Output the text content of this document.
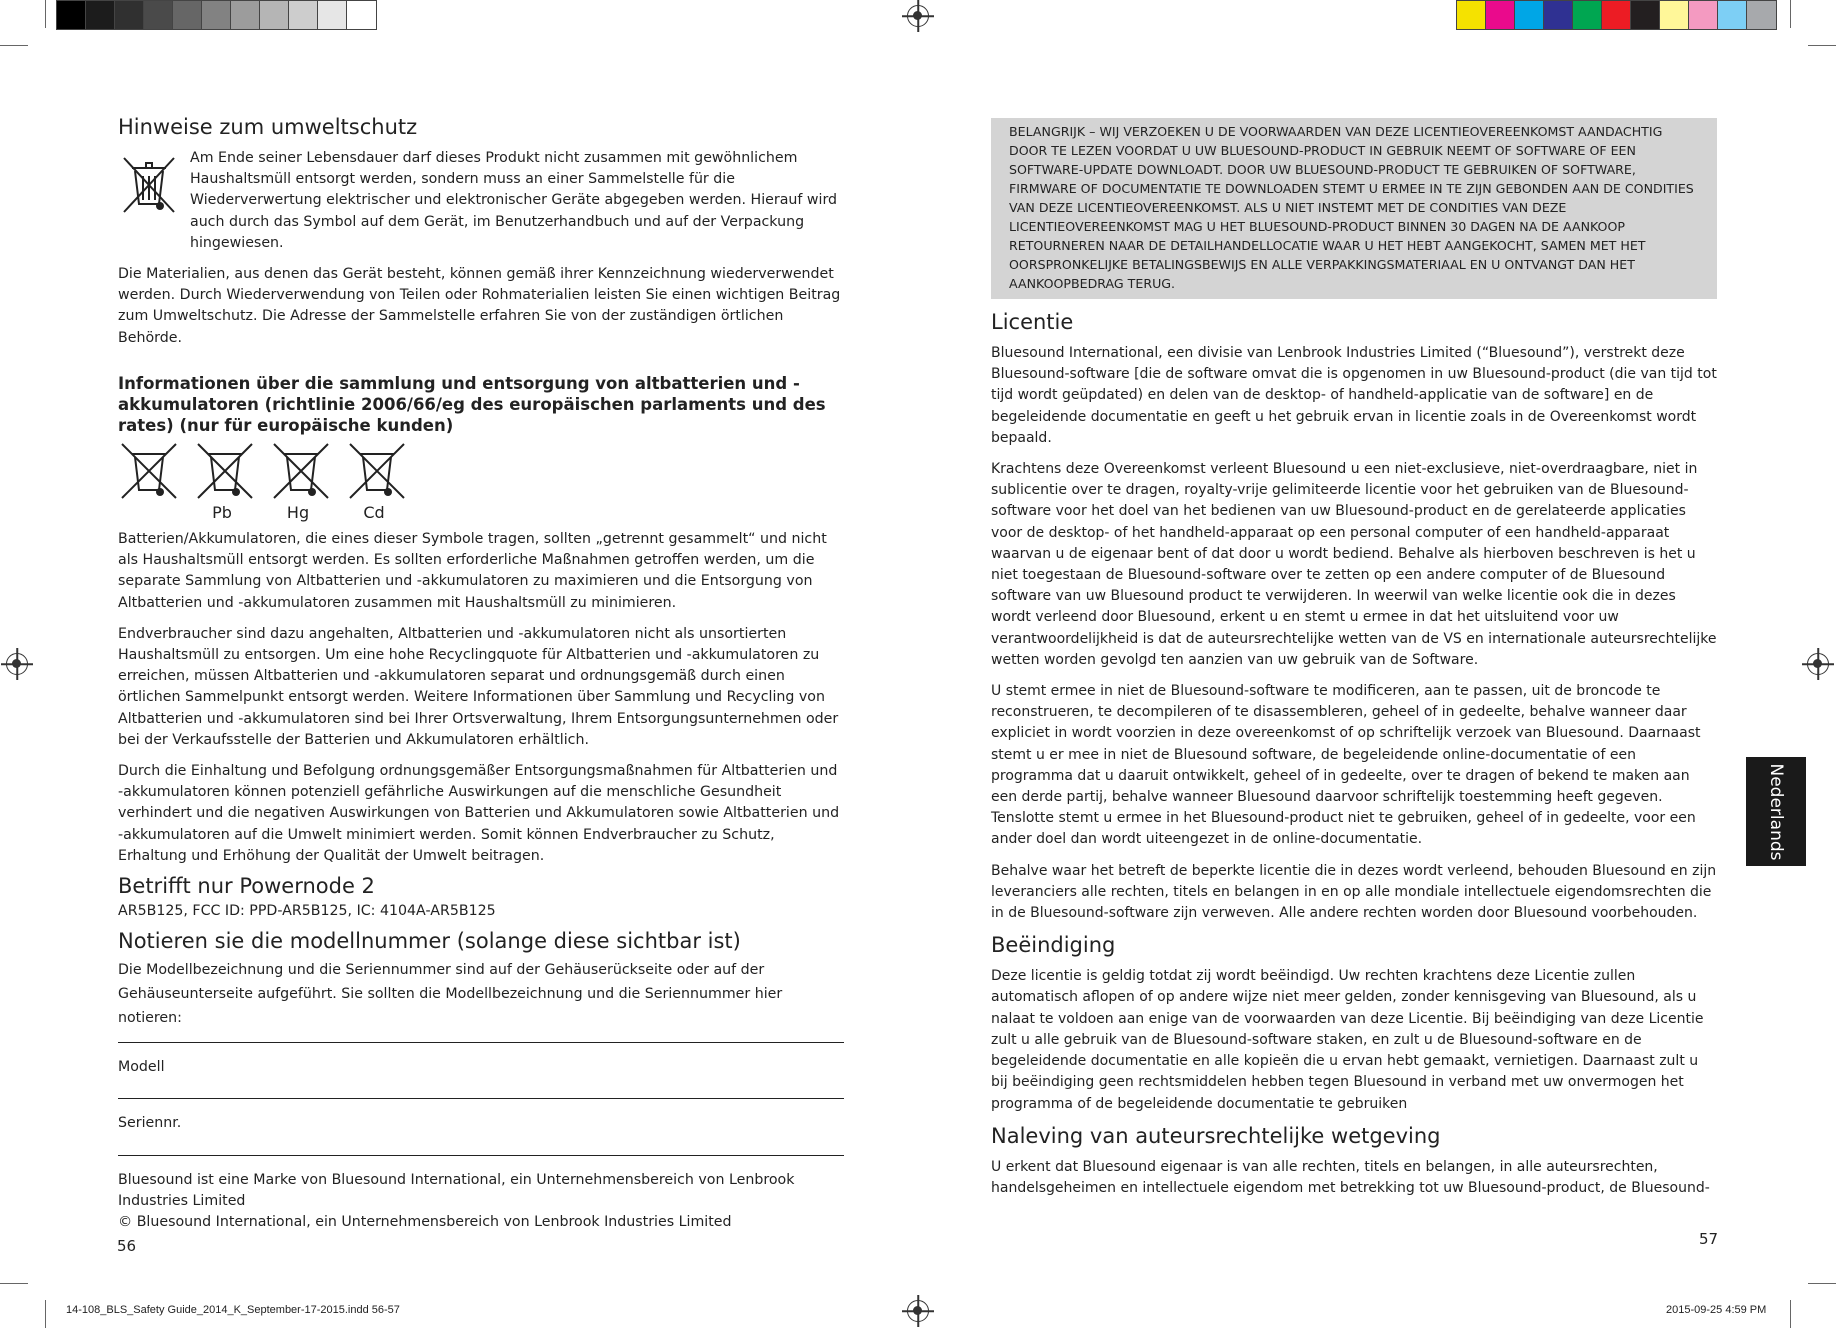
Hinweise zum umweltschutz

Am Ende seiner Lebensdauer darf dieses Produkt nicht zusammen mit gewöhnlichem Haushaltsmüll entsorgt werden, sondern muss an einer Sammelstelle für die Wiederverwertung elektrischer und elektronischer Geräte abgegeben werden. Hierauf wird auch durch das Symbol auf dem Gerät, im Benutzerhandbuch und auf der Verpackung hingewiesen.

Die Materialien, aus denen das Gerät besteht, können gemäß ihrer Kennzeichnung wiederverwendet werden. Durch Wiederverwendung von Teilen oder Rohmaterialien leisten Sie einen wichtigen Beitrag zum Umweltschutz. Die Adresse der Sammelstelle erfahren Sie von der zuständigen örtlichen Behörde.

Informationen über die sammlung und entsorgung von altbatterien und -akkumulatoren (richtlinie 2006/66/eg des europäischen parlaments und des rates) (nur für europäische kunden)
Pb	Hg	Cd

Batterien/Akkumulatoren, die eines dieser Symbole tragen, sollten „getrennt gesammelt“ und nicht als Haushaltsmüll entsorgt werden. Es sollten erforderliche Maßnahmen getroffen werden, um die separate Sammlung von Altbatterien und -akkumulatoren zu maximieren und die Entsorgung von Altbatterien und -akkumulatoren zusammen mit Haushaltsmüll zu minimieren.

Endverbraucher sind dazu angehalten, Altbatterien und -akkumulatoren nicht als unsortierten Haushaltsmüll zu entsorgen. Um eine hohe Recyclingquote für Altbatterien und -akkumulatoren zu erreichen, müssen Altbatterien und -akkumulatoren separat und ordnungsgemäß durch einen örtlichen Sammelpunkt entsorgt werden. Weitere Informationen über Sammlung und Recycling von Altbatterien und -akkumulatoren sind bei Ihrer Ortsverwaltung, Ihrem Entsorgungsunternehmen oder bei der Verkaufsstelle der Batterien und Akkumulatoren erhältlich.

Durch die Einhaltung und Befolgung ordnungsgemäßer Entsorgungsmaßnahmen für Altbatterien und -akkumulatoren können potenziell gefährliche Auswirkungen auf die menschliche Gesundheit verhindert und die negativen Auswirkungen von Batterien und Akkumulatoren sowie Altbatterien und -akkumulatoren auf die Umwelt minimiert werden. Somit können Endverbraucher zu Schutz, Erhaltung und Erhöhung der Qualität der Umwelt beitragen.

Betrifft nur Powernode 2

AR5B125, FCC ID: PPD-AR5B125, IC: 4104A-AR5B125

Notieren sie die modellnummer (solange diese sichtbar ist)

Die Modellbezeichnung und die Seriennummer sind auf der Gehäuserückseite oder auf der Gehäuseunterseite aufgeführt. Sie sollten die Modellbezeichnung und die Seriennummer hier notieren:

Modell
Seriennr.

Bluesound ist eine Marke von Bluesound International, ein Unternehmensbereich von Lenbrook Industries Limited

© Bluesound International, ein Unternehmensbereich von Lenbrook Industries Limited

56
BELANGRIJK – WIJ VERZOEKEN U DE VOORWAARDEN VAN DEZE LICENTIEOVEREENKOMST AANDACHTIG DOOR TE LEZEN VOORDAT U UW BLUESOUND-PRODUCT IN GEBRUIK NEEMT OF SOFTWARE OF EEN SOFTWARE-UPDATE DOWNLOADT. DOOR UW BLUESOUND-PRODUCT TE GEBRUIKEN OF SOFTWARE, FIRMWARE OF DOCUMENTATIE TE DOWNLOADEN STEMT U ERMEE IN TE ZIJN GEBONDEN AAN DE CONDITIES VAN DEZE LICENTIEOVEREENKOMST. ALS U NIET INSTEMT MET DE CONDITIES VAN DEZE LICENTIEOVEREENKOMST MAG U HET BLUESOUND-PRODUCT BINNEN 30 DAGEN NA DE AANKOOP RETOURNEREN NAAR DE DETAILHANDELLOCATIE WAAR U HET HEBT AANGEKOCHT, SAMEN MET HET OORSPRONKELIJKE BETALINGSBEWIJS EN ALLE VERPAKKINGSMATERIAAL EN U ONTVANGT DAN HET AANKOOPBEDRAG TERUG.
Licentie

Bluesound International, een divisie van Lenbrook Industries Limited (“Bluesound”), verstrekt deze Bluesound-software [die de software omvat die is opgenomen in uw Bluesound-product (die van tijd tot tijd wordt geüpdated) en delen van de desktop- of handheld-applicatie van de software] en de begeleidende documentatie en geeft u het gebruik ervan in licentie zoals in de Overeenkomst wordt bepaald.

Krachtens deze Overeenkomst verleent Bluesound u een niet-exclusieve, niet-overdraagbare, niet in sublicentie over te dragen, royalty-vrije gelimiteerde licentie voor het gebruiken van de Bluesound-software voor het doel van het bedienen van uw Bluesound-product en de gerelateerde applicaties voor de desktop- of het handheld-apparaat op een personal computer of een handheld-apparaat waarvan u de eigenaar bent of dat door u wordt bediend. Behalve als hierboven beschreven is het u niet toegestaan de Bluesound-software over te zetten op een andere computer of de Bluesound software van uw Bluesound product te verwijderen. In weerwil van welke licentie ook die in dezes wordt verleend door Bluesound, erkent u en stemt u ermee in dat het uitsluitend voor uw verantwoordelijkheid is dat de auteursrechtelijke wetten van de VS en internationale auteursrechtelijke wetten worden gevolgd ten aanzien van uw gebruik van de Software.

U stemt ermee in niet de Bluesound-software te modificeren, aan te passen, uit de broncode te reconstrueren, te decompileren of te disassembleren, geheel of in gedeelte, behalve wanneer daar expliciet in wordt voorzien in deze overeenkomst of op schriftelijk verzoek van Bluesound. Daarnaast stemt u er mee in niet de Bluesound software, de begeleidende online-documentatie of een programma dat u daaruit ontwikkelt, geheel of in gedeelte, over te dragen of bekend te maken aan een derde partij, behalve wanneer Bluesound daarvoor schriftelijk toestemming heeft gegeven. Tenslotte stemt u ermee in het Bluesound-product niet te gebruiken, geheel of in gedeelte, voor een ander doel dan wordt uiteengezet in de online-documentatie.

Behalve waar het betreft de beperkte licentie die in dezes wordt verleend, behouden Bluesound en zijn leveranciers alle rechten, titels en belangen in en op alle mondiale intellectuele eigendomsrechten die in de Bluesound-software zijn verweven. Alle andere rechten worden door Bluesound voorbehouden.

Beëindiging

Deze licentie is geldig totdat zij wordt beëindigd. Uw rechten krachtens deze Licentie zullen automatisch aflopen of op andere wijze niet meer gelden, zonder kennisgeving van Bluesound, als u nalaat te voldoen aan enige van de voorwaarden van deze Licentie. Bij beëindiging van deze Licentie zult u alle gebruik van de Bluesound-software staken, en zult u de Bluesound-software en de begeleidende documentatie en alle kopieën die u ervan hebt gemaakt, vernietigen. Daarnaast zult u bij beëindiging geen rechtsmiddelen hebben tegen Bluesound in verband met uw onvermogen het programma of de begeleidende documentatie te gebruiken

Naleving van auteursrechtelijke wetgeving

U erkent dat Bluesound eigenaar is van alle rechten, titels en belangen, in alle auteursrechten, handelsgeheimen en intellectuele eigendom met betrekking tot uw Bluesound-product, de Bluesound-

57
Nederlands
14-108_BLS_Safety Guide_2014_K_September-17-2015.indd 56-57	2015-09-25 4:59 PM
